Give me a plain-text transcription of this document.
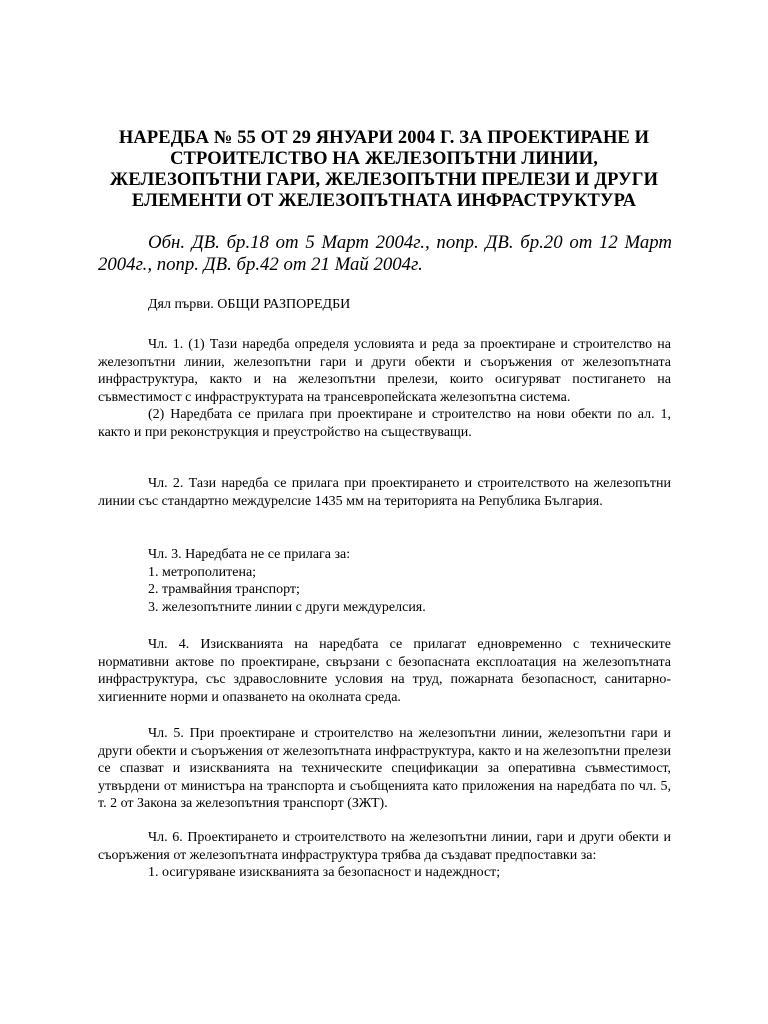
НАРЕДБА № 55 ОТ 29 ЯНУАРИ 2004 Г. ЗА ПРОЕКТИРАНЕ И СТРОИТЕЛСТВО НА ЖЕЛЕЗОПЪТНИ ЛИНИИ, ЖЕЛЕЗОПЪТНИ ГАРИ, ЖЕЛЕЗОПЪТНИ ПРЕЛЕЗИ И ДРУГИ ЕЛЕМЕНТИ ОТ ЖЕЛЕЗОПЪТНАТА ИНФРАСТРУКТУРА
Обн. ДВ. бр.18 от 5 Март 2004г., попр. ДВ. бр.20 от 12 Март 2004г., попр. ДВ. бр.42 от 21 Май 2004г.
Дял първи. ОБЩИ РАЗПОРЕДБИ

Чл. 1. (1) Тази наредба определя условията и реда за проектиране и строителство на железопътни линии, железопътни гари и други обекти и съоръжения от железопътната инфраструктура, както и на железопътни прелези, които осигуряват постигането на съвместимост с инфраструктурата на трансевропейската железопътна система.

(2) Наредбата се прилага при проектиране и строителство на нови обекти по ал. 1, както и при реконструкция и преустройство на съществуващи.

Чл. 2. Тази наредба се прилага при проектирането и строителството на железопътни линии със стандартно междурелсие 1435 мм на територията на Република България.

Чл. 3. Наредбата не се прилага за:

1. метрополитена;

2. трамвайния транспорт;

3. железопътните линии с други междурелсия.

Чл. 4. Изискванията на наредбата се прилагат едновременно с техническите нормативни актове по проектиране, свързани с безопасната експлоатация на железопътната инфраструктура, със здравословните условия на труд, пожарната безопасност, санитарно-хигиенните норми и опазването на околната среда.

Чл. 5. При проектиране и строителство на железопътни линии, железопътни гари и други обекти и съоръжения от железопътната инфраструктура, както и на железопътни прелези се спазват и изискванията на техническите спецификации за оперативна съвместимост, утвърдени от министъра на транспорта и съобщенията като приложения на наредбата по чл. 5, т. 2 от Закона за железопътния транспорт (ЗЖТ).

Чл. 6. Проектирането и строителството на железопътни линии, гари и други обекти и съоръжения от железопътната инфраструктура трябва да създават предпоставки за:

1. осигуряване изискванията за безопасност и надеждност;
